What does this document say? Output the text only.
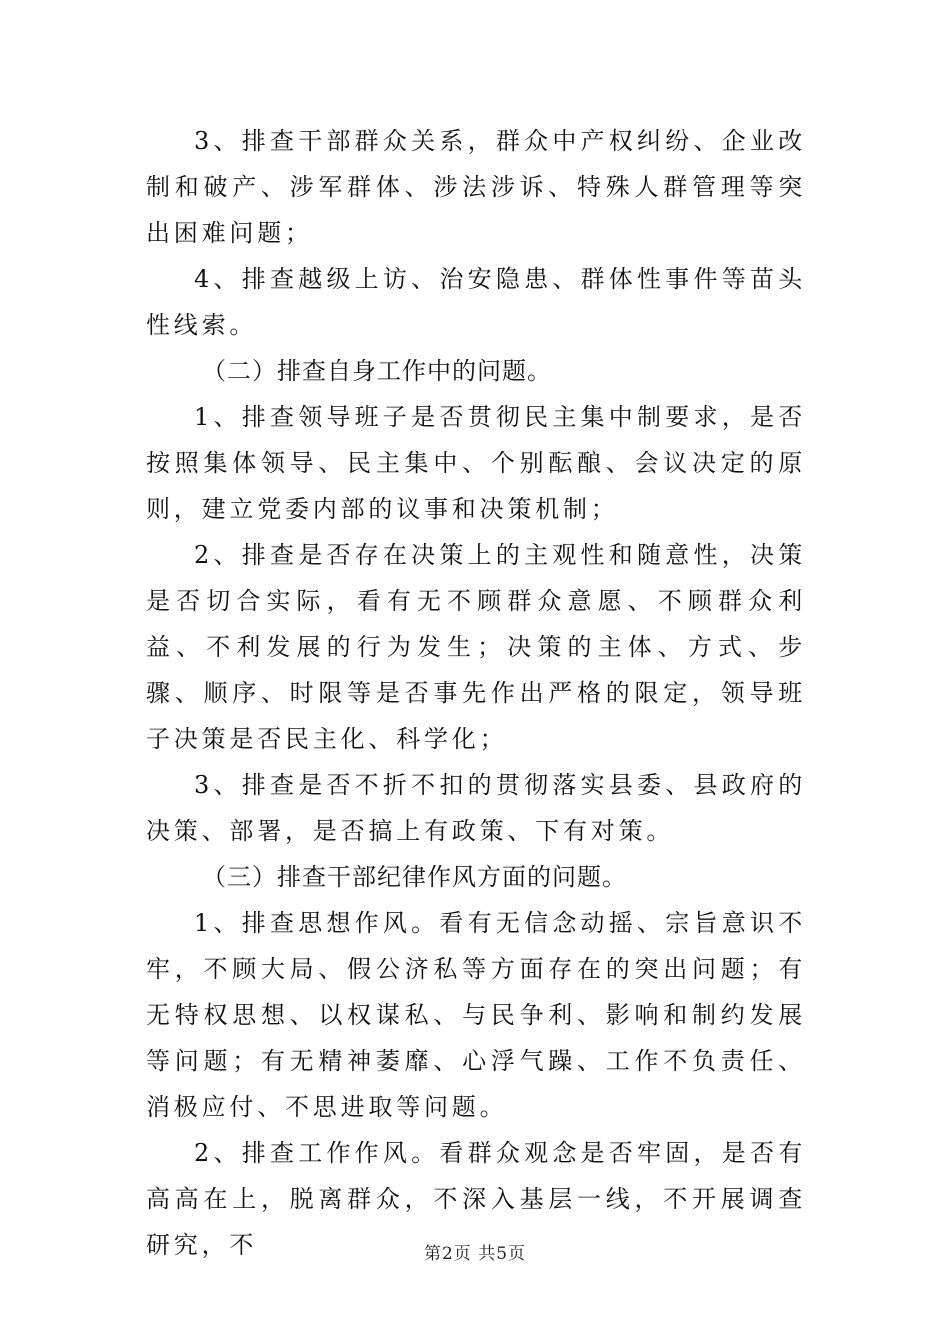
3、排查干部群众关系，群众中产权纠纷、企业改制和破产、涉军群体、涉法涉诉、特殊人群管理等突出困难问题；

4、排查越级上访、治安隐患、群体性事件等苗头性线索。

（二）排查自身工作中的问题。

1、排查领导班子是否贯彻民主集中制要求，是否按照集体领导、民主集中、个别酝酿、会议决定的原则，建立党委内部的议事和决策机制；

2、排查是否存在决策上的主观性和随意性，决策是否切合实际，看有无不顾群众意愿、不顾群众利益、不利发展的行为发生；决策的主体、方式、步骤、顺序、时限等是否事先作出严格的限定，领导班子决策是否民主化、科学化；

3、排查是否不折不扣的贯彻落实县委、县政府的决策、部署，是否搞上有政策、下有对策。

（三）排查干部纪律作风方面的问题。

1、排查思想作风。看有无信念动摇、宗旨意识不牢，不顾大局、假公济私等方面存在的突出问题；有无特权思想、以权谋私、与民争利、影响和制约发展等问题；有无精神萎靡、心浮气躁、工作不负责任、消极应付、不思进取等问题。

2、排查工作作风。看群众观念是否牢固，是否有高高在上，脱离群众，不深入基层一线，不开展调查研究，不	第2页 共5页
